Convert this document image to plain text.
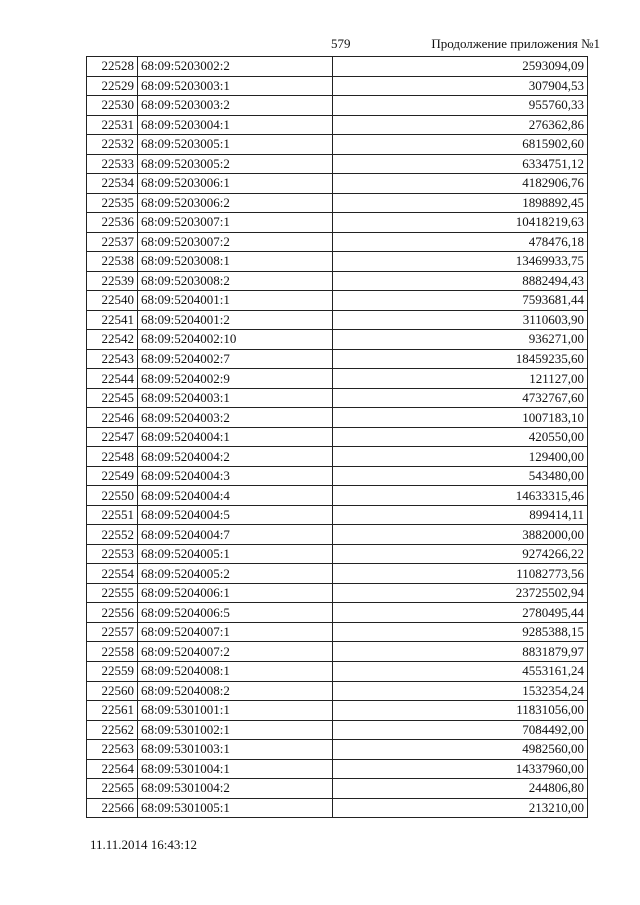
579	Продолжение приложения №1
22528	68:09:5203002:2	2593094,09
22529	68:09:5203003:1	307904,53
22530	68:09:5203003:2	955760,33
22531	68:09:5203004:1	276362,86
22532	68:09:5203005:1	6815902,60
22533	68:09:5203005:2	6334751,12
22534	68:09:5203006:1	4182906,76
22535	68:09:5203006:2	1898892,45
22536	68:09:5203007:1	10418219,63
22537	68:09:5203007:2	478476,18
22538	68:09:5203008:1	13469933,75
22539	68:09:5203008:2	8882494,43
22540	68:09:5204001:1	7593681,44
22541	68:09:5204001:2	3110603,90
22542	68:09:5204002:10	936271,00
22543	68:09:5204002:7	18459235,60
22544	68:09:5204002:9	121127,00
22545	68:09:5204003:1	4732767,60
22546	68:09:5204003:2	1007183,10
22547	68:09:5204004:1	420550,00
22548	68:09:5204004:2	129400,00
22549	68:09:5204004:3	543480,00
22550	68:09:5204004:4	14633315,46
22551	68:09:5204004:5	899414,11
22552	68:09:5204004:7	3882000,00
22553	68:09:5204005:1	9274266,22
22554	68:09:5204005:2	11082773,56
22555	68:09:5204006:1	23725502,94
22556	68:09:5204006:5	2780495,44
22557	68:09:5204007:1	9285388,15
22558	68:09:5204007:2	8831879,97
22559	68:09:5204008:1	4553161,24
22560	68:09:5204008:2	1532354,24
22561	68:09:5301001:1	11831056,00
22562	68:09:5301002:1	7084492,00
22563	68:09:5301003:1	4982560,00
22564	68:09:5301004:1	14337960,00
22565	68:09:5301004:2	244806,80
22566	68:09:5301005:1	213210,00
11.11.2014 16:43:12
